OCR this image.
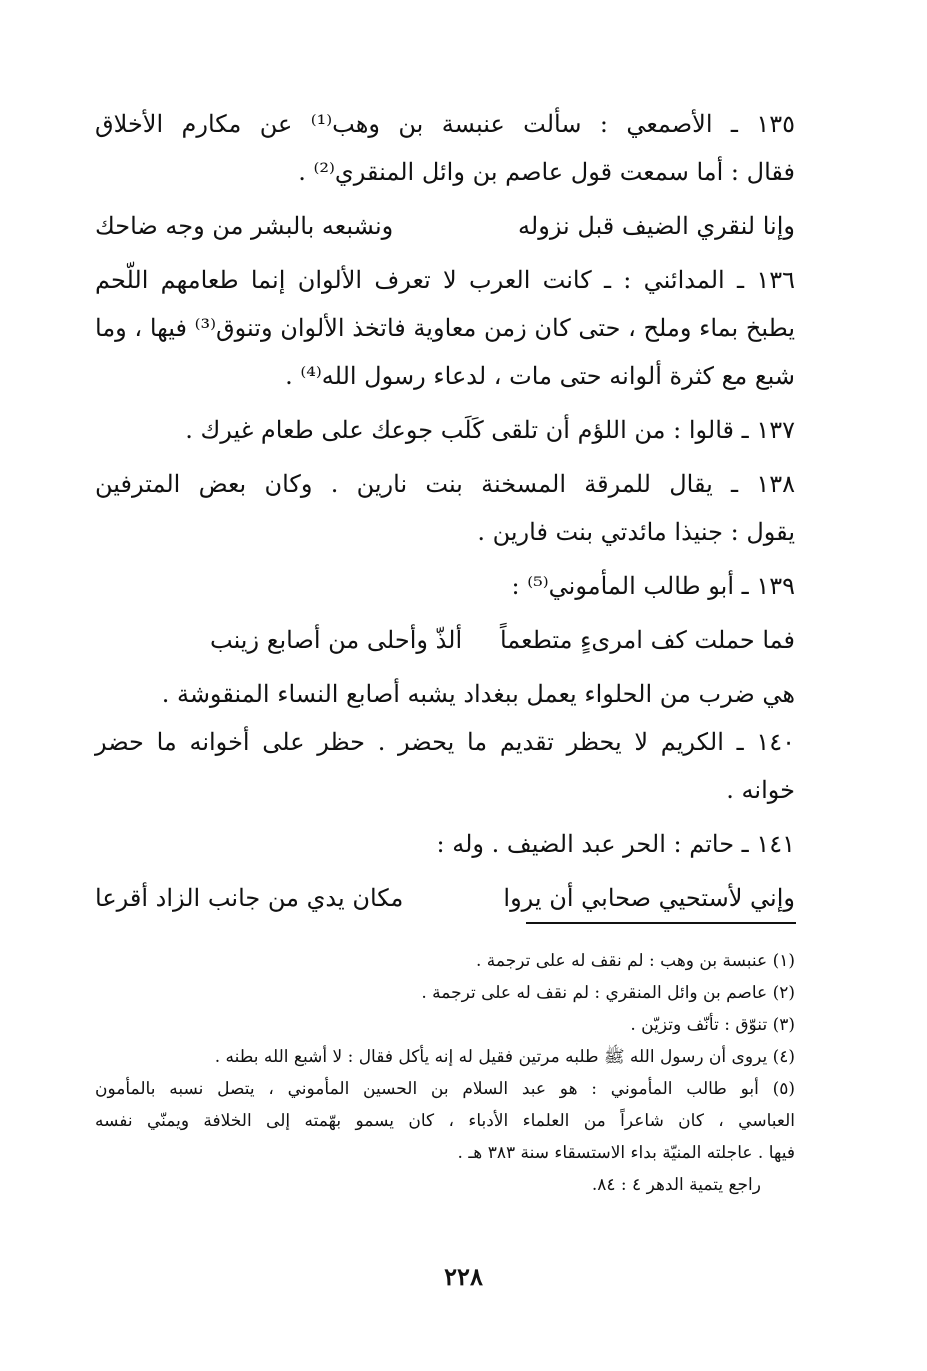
١٣٥ ـ الأصمعي : سألت عنبسة بن وهب⁽¹⁾ عن مكارم الأخلاق
فقال : أما سمعت قول عاصم بن وائل المنقري⁽²⁾ .
وإنا لنقري الضيف قبل نزوله
ونشبعه بالبشر من وجه ضاحك
١٣٦ ـ المدائني : ـ كانت العرب لا تعرف الألوان إنما طعامهم اللّحم
يطبخ بماء وملح ، حتى كان زمن معاوية فاتخذ الألوان وتنوق⁽³⁾ فيها ، وما
شبع مع كثرة ألوانه حتى مات ، لدعاء رسول الله⁽⁴⁾ .
١٣٧ ـ قالوا : من اللؤم أن تلقى كَلَب جوعك على طعام غيرك .
١٣٨ ـ يقال للمرقة المسخنة بنت نارين . وكان بعض المترفين
يقول : جنيذا مائدتي بنت فارين .
١٣٩ ـ أبو طالب المأموني⁽⁵⁾ :
فما حملت كف امرىءٍ متطعماً
ألذّ وأحلى من أصابع زينب
هي ضرب من الحلواء يعمل ببغداد يشبه أصابع النساء المنقوشة .
١٤٠ ـ الكريم لا يحظر تقديم ما يحضر . حظر على أخوانه ما حضر
خوانه .
١٤١ ـ حاتم : الحر عبد الضيف . وله :
وإني لأستحيي صحابي أن يروا
مكان يدي من جانب الزاد أقرعا
(١) عنبسة بن وهب : لم نقف له على ترجمة .
(٢) عاصم بن وائل المنقري : لم نقف له على ترجمة .
(٣) تنوّق : تأنّف وتزيّن .
(٤) يروى أن رسول الله ﷺ طلبه مرتين فقيل له إنه يأكل فقال : لا أشبع الله بطنه .
(٥) أبو طالب المأموني : هو عبد السلام بن الحسين المأموني ، يتصل نسبه بالمأمون
العباسي ، كان شاعراً من العلماء الأدباء ، كان يسمو بهّمته إلى الخلافة ويمنّي نفسه
فيها . عاجلته المنيّة بداء الاستسقاء سنة ٣٨٣ هـ .
راجع يتمية الدهر ٤ : ٨٤.
٢٢٨
